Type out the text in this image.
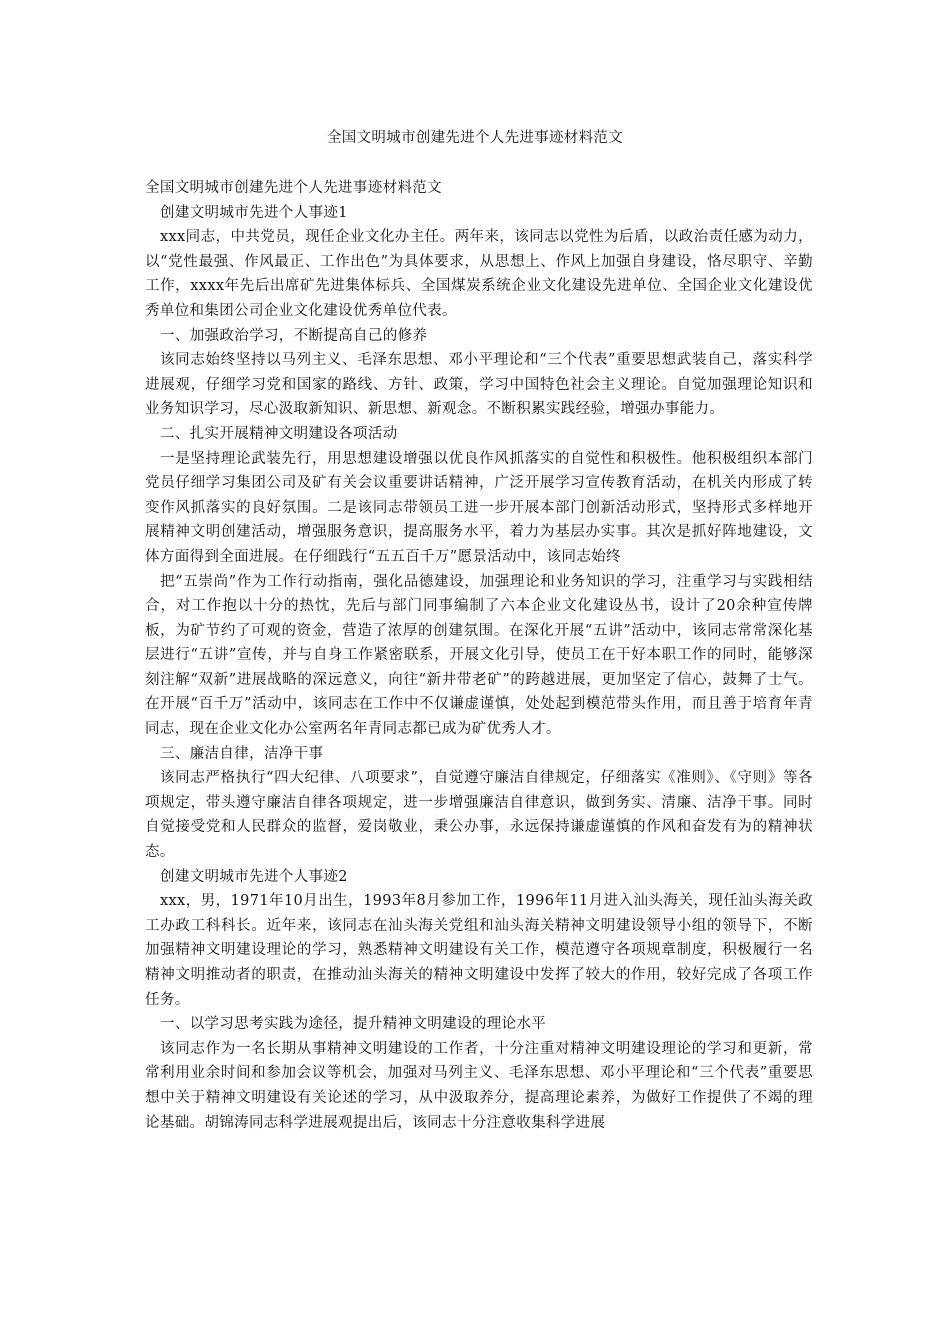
全国文明城市创建先进个人先进事迹材料范文

全国文明城市创建先进个人先进事迹材料范文

创建文明城市先进个人事迹1

xxx同志，中共党员，现任企业文化办主任。两年来，该同志以党性为后盾，以政治责任感为动力，以“党性最强、作风最正、工作出色”为具体要求，从思想上、作风上加强自身建设，恪尽职守、辛勤工作，xxxx年先后出席矿先进集体标兵、全国煤炭系统企业文化建设先进单位、全国企业文化建设优秀单位和集团公司企业文化建设优秀单位代表。

一、加强政治学习，不断提高自己的修养

该同志始终坚持以马列主义、毛泽东思想、邓小平理论和“三个代表”重要思想武装自己，落实科学进展观，仔细学习党和国家的路线、方针、政策，学习中国特色社会主义理论。自觉加强理论知识和业务知识学习，尽心汲取新知识、新思想、新观念。不断积累实践经验，增强办事能力。

二、扎实开展精神文明建设各项活动

一是坚持理论武装先行，用思想建设增强以优良作风抓落实的自觉性和积极性。他积极组织本部门党员仔细学习集团公司及矿有关会议重要讲话精神，广泛开展学习宣传教育活动，在机关内形成了转变作风抓落实的良好氛围。二是该同志带领员工进一步开展本部门创新活动形式，坚持形式多样地开展精神文明创建活动，增强服务意识，提高服务水平，着力为基层办实事。其次是抓好阵地建设，文体方面得到全面进展。在仔细践行“五五百千万”愿景活动中，该同志始终

把“五崇尚”作为工作行动指南，强化品德建设，加强理论和业务知识的学习，注重学习与实践相结合，对工作抱以十分的热忱，先后与部门同事编制了六本企业文化建设丛书，设计了20余种宣传牌板，为矿节约了可观的资金，营造了浓厚的创建氛围。在深化开展“五讲”活动中，该同志常常深化基层进行“五讲”宣传，并与自身工作紧密联系，开展文化引导，使员工在干好本职工作的同时，能够深刻注解“双新”进展战略的深远意义，向往“新井带老矿”的跨越进展，更加坚定了信心，鼓舞了士气。在开展“百千万”活动中，该同志在工作中不仅谦虚谨慎，处处起到模范带头作用，而且善于培育年青同志，现在企业文化办公室两名年青同志都已成为矿优秀人才。

三、廉洁自律，洁净干事

该同志严格执行“四大纪律、八项要求”，自觉遵守廉洁自律规定，仔细落实《准则》、《守则》等各项规定，带头遵守廉洁自律各项规定，进一步增强廉洁自律意识，做到务实、清廉、洁净干事。同时自觉接受党和人民群众的监督，爱岗敬业，秉公办事，永远保持谦虚谨慎的作风和奋发有为的精神状态。

创建文明城市先进个人事迹2

xxx，男，1971年10月出生，1993年8月参加工作，1996年11月进入汕头海关，现任汕头海关政工办政工科科长。近年来，该同志在汕头海关党组和汕头海关精神文明建设领导小组的领导下，不断加强精神文明建设理论的学习，熟悉精神文明建设有关工作，模范遵守各项规章制度，积极履行一名精神文明推动者的职责，在推动汕头海关的精神文明建设中发挥了较大的作用，较好完成了各项工作任务。

一、以学习思考实践为途径，提升精神文明建设的理论水平

该同志作为一名长期从事精神文明建设的工作者，十分注重对精神文明建设理论的学习和更新，常常利用业余时间和参加会议等机会，加强对马列主义、毛泽东思想、邓小平理论和“三个代表”重要思想中关于精神文明建设有关论述的学习，从中汲取养分，提高理论素养，为做好工作提供了不竭的理论基础。胡锦涛同志科学进展观提出后，该同志十分注意收集科学进展
